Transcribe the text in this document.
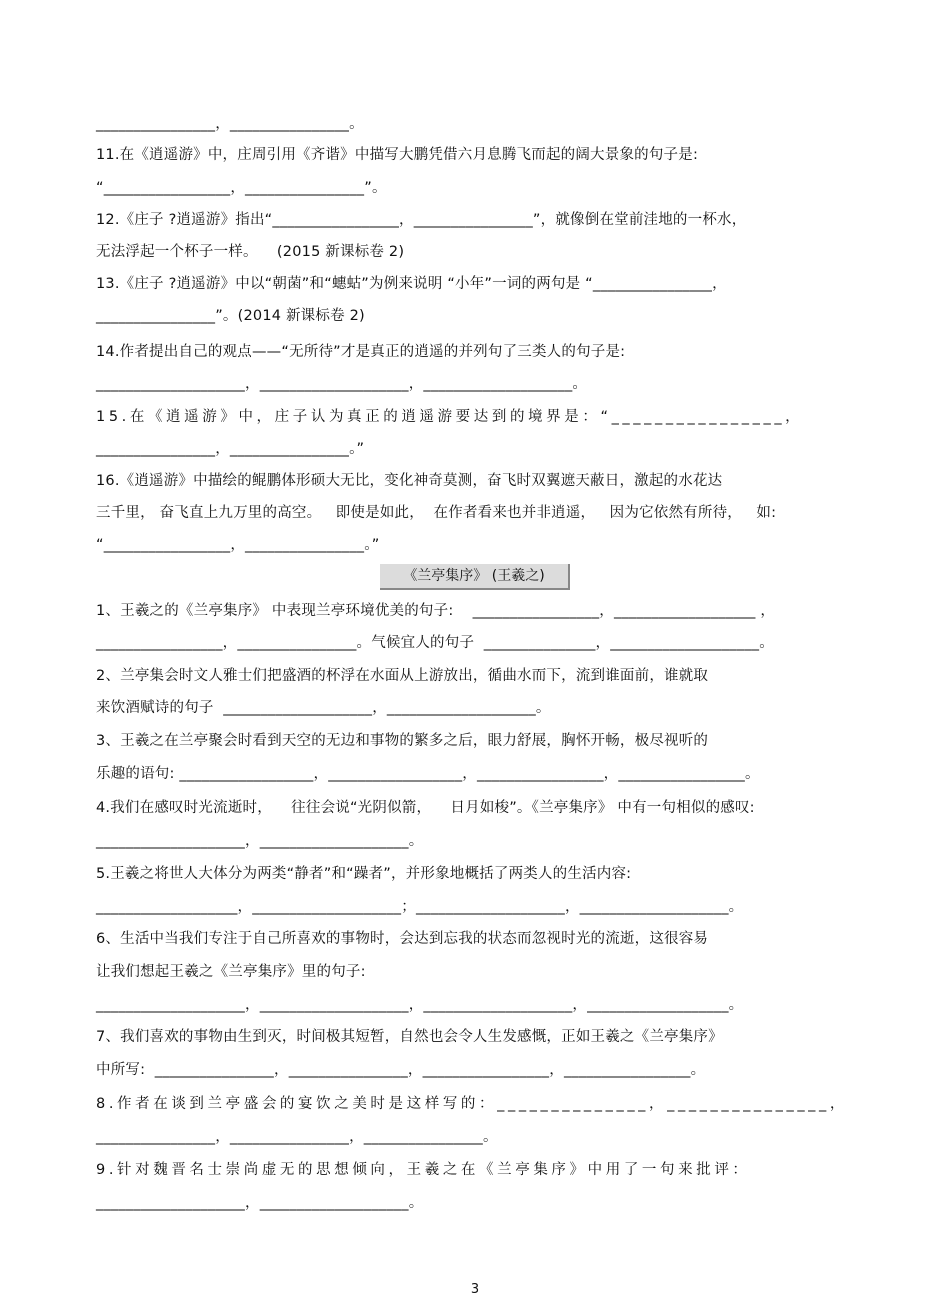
________________，________________。
11.在《逍遥游》中，庄周引用《齐谐》中描写大鹏凭借六月息腾飞而起的阔大景象的句子是:
“_________________，________________”。
12.《庄子 ?逍遥游》指出“_________________，________________”，就像倒在堂前洼地的一杯水，
无法浮起一个杯子一样。    (2015 新课标卷 2)
13.《庄子 ?逍遥游》中以“朝菌”和“蟪蛄”为例来说明 “小年”一词的两句是 “________________，
________________”。(2014 新课标卷 2)
14.作者提出自己的观点——“无所待”才是真正的逍遥的并列句了三类人的句子是:
____________________，____________________，____________________。
15.在《逍遥游》中，庄子认为真正的逍遥游要达到的境界是：“________________，
________________，________________。”
16.《逍遥游》中描绘的鲲鹏体形硕大无比，变化神奇莫测，奋飞时双翼遮天蔽日，激起的水花达
三千里， 奋飞直上九万里的高空。   即使是如此，  在作者看来也并非逍遥，   因为它依然有所待，   如:
“_________________，________________。”
《兰亭集序》 (王羲之)
1、王羲之的《兰亭集序》 中表现兰亭环境优美的句子:    _________________，___________________ ，
_________________，________________。气候宜人的句子  _______________，____________________。
2、兰亭集会时文人雅士们把盛酒的杯浮在水面从上游放出，循曲水而下，流到谁面前，谁就取
来饮酒赋诗的句子  ____________________，____________________。
3、王羲之在兰亭聚会时看到天空的无边和事物的繁多之后，眼力舒展，胸怀开畅，极尽视听的
乐趣的语句: __________________，__________________，_________________，_________________。
4.我们在感叹时光流逝时，    往往会说“光阴似箭，    日月如梭”。《兰亭集序》 中有一句相似的感叹:
____________________，____________________。
5.王羲之将世人大体分为两类“静者”和“躁者”，并形象地概括了两类人的生活内容:
___________________，____________________；____________________，____________________。
6、生活中当我们专注于自己所喜欢的事物时，会达到忘我的状态而忽视时光的流逝，这很容易
让我们想起王羲之《兰亭集序》里的句子:
____________________，____________________，____________________，___________________。
7、我们喜欢的事物由生到灭，时间极其短暂，自然也会令人生发感慨，正如王羲之《兰亭集序》
中所写:  ________________，________________，_________________，_________________。
8.作者在谈到兰亭盛会的宴饮之美时是这样写的：______________，_______________，
________________，________________，________________。
9.针对魏晋名士崇尚虚无的思想倾向，王羲之在《兰亭集序》中用了一句来批评：
____________________，____________________。
3
